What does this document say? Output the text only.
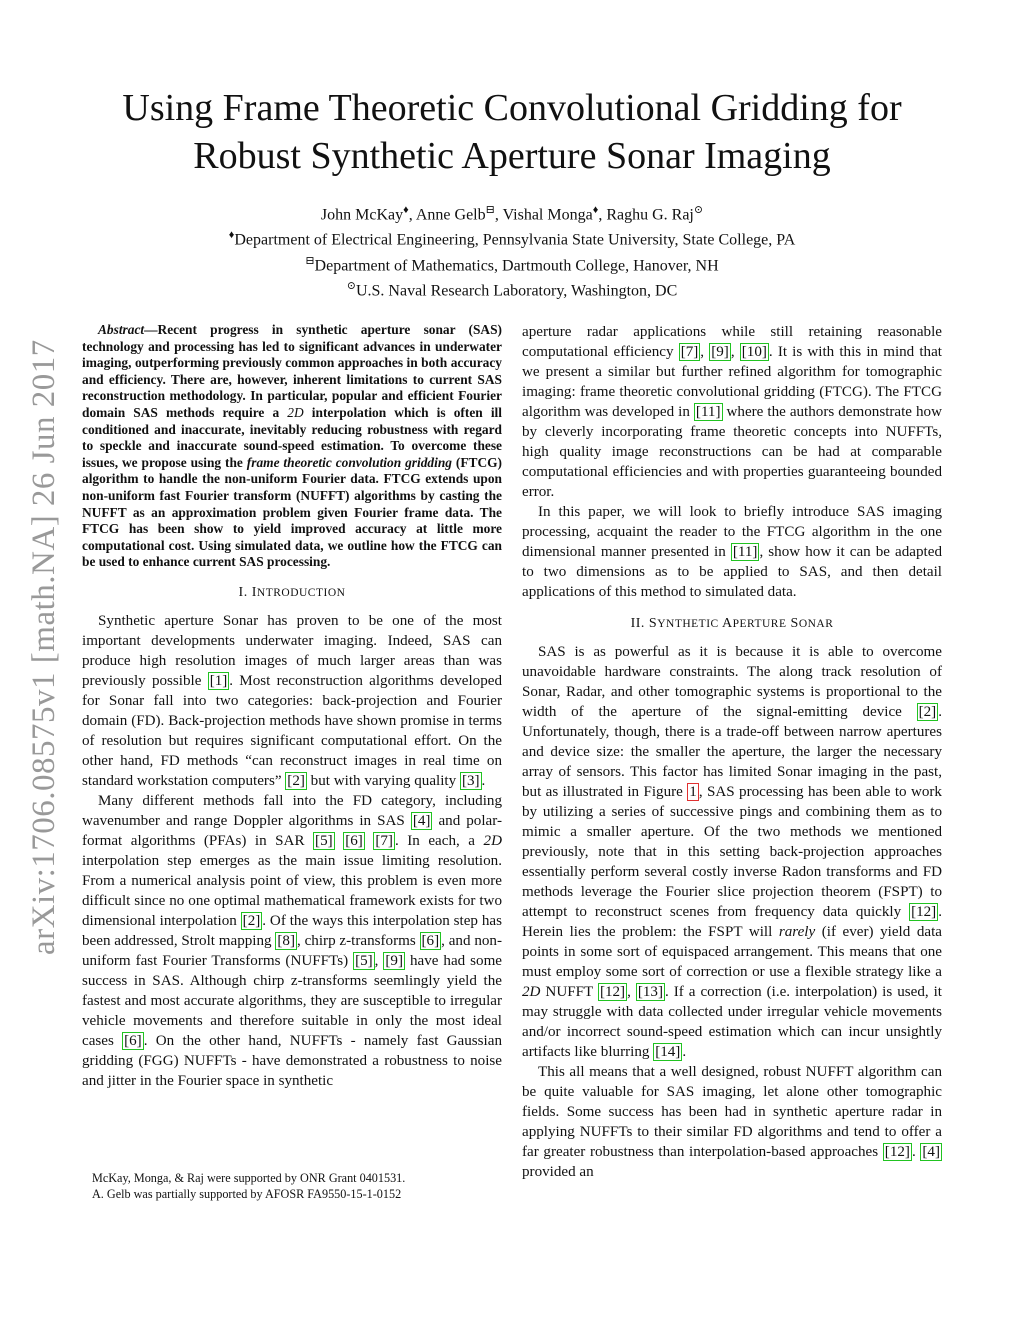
arXiv:1706.08575v1 [math.NA] 26 Jun 2017
Using Frame Theoretic Convolutional Gridding for
Robust Synthetic Aperture Sonar Imaging
John McKay♦, Anne Gelb⊟, Vishal Monga♦, Raghu G. Raj⊙
♦Department of Electrical Engineering, Pennsylvania State University, State College, PA
⊟Department of Mathematics, Dartmouth College, Hanover, NH
⊙U.S. Naval Research Laboratory, Washington, DC

Abstract—Recent progress in synthetic aperture sonar (SAS) technology and processing has led to significant advances in underwater imaging, outperforming previously common approaches in both accuracy and efficiency. There are, however, inherent limitations to current SAS reconstruction methodology. In particular, popular and efficient Fourier domain SAS methods require a 2D interpolation which is often ill conditioned and inaccurate, inevitably reducing robustness with regard to speckle and inaccurate sound-speed estimation. To overcome these issues, we propose using the frame theoretic convolution gridding (FTCG) algorithm to handle the non-uniform Fourier data. FTCG extends upon non-uniform fast Fourier transform (NUFFT) algorithms by casting the NUFFT as an approximation problem given Fourier frame data. The FTCG has been show to yield improved accuracy at little more computational cost. Using simulated data, we outline how the FTCG can be used to enhance current SAS processing.

I. INTRODUCTION

Synthetic aperture Sonar has proven to be one of the most important developments underwater imaging. Indeed, SAS can produce high resolution images of much larger areas than was previously possible [1] . Most reconstruction algorithms developed for Sonar fall into two categories: back-projection and Fourier domain (FD). Back-projection methods have shown promise in terms of resolution but requires significant computational effort. On the other hand, FD methods “can reconstruct images in real time on standard workstation computers” [2] but with varying quality [3] .

Many different methods fall into the FD category, including wavenumber and range Doppler algorithms in SAS [4] and polar-format algorithms (PFAs) in SAR [5] [6] [7] . In each, a 2D interpolation step emerges as the main issue limiting resolution. From a numerical analysis point of view, this problem is even more difficult since no one optimal mathematical framework exists for two dimensional interpolation [2] . Of the ways this interpolation step has been addressed, Strolt mapping [8] , chirp z-transforms [6] , and non-uniform fast Fourier Transforms (NUFFTs) [5] , [9] have had some success in SAS. Although chirp z-transforms seemlingly yield the fastest and most accurate algorithms, they are susceptible to irregular vehicle movements and therefore suitable in only the most ideal cases [6] . On the other hand, NUFFTs - namely fast Gaussian gridding (FGG) NUFFTs - have demonstrated a robustness to noise and jitter in the Fourier space in synthetic

McKay, Monga, & Raj were supported by ONR Grant 0401531.
A. Gelb was partially supported by AFOSR FA9550-15-1-0152

aperture radar applications while still retaining reasonable computational efficiency [7] , [9] , [10] . It is with this in mind that we present a similar but further refined algorithm for tomographic imaging: frame theoretic convolutional gridding (FTCG). The FTCG algorithm was developed in [11] where the authors demonstrate how by cleverly incorporating frame theoretic concepts into NUFFTs, high quality image reconstructions can be had at comparable computational efficiencies and with properties guaranteeing bounded error.

In this paper, we will look to briefly introduce SAS imaging processing, acquaint the reader to the FTCG algorithm in the one dimensional manner presented in [11] , show how it can be adapted to two dimensions as to be applied to SAS, and then detail applications of this method to simulated data.

II. SYNTHETIC APERTURE SONAR

SAS is as powerful as it is because it is able to overcome unavoidable hardware constraints. The along track resolution of Sonar, Radar, and other tomographic systems is proportional to the width of the aperture of the signal-emitting device [2] . Unfortunately, though, there is a trade-off between narrow apertures and device size: the smaller the aperture, the larger the necessary array of sensors. This factor has limited Sonar imaging in the past, but as illustrated in Figure 1 , SAS processing has been able to work by utilizing a series of successive pings and combining them as to mimic a smaller aperture. Of the two methods we mentioned previously, note that in this setting back-projection approaches essentially perform several costly inverse Radon transforms and FD methods leverage the Fourier slice projection theorem (FSPT) to attempt to reconstruct scenes from frequency data quickly [12] . Herein lies the problem: the FSPT will rarely (if ever) yield data points in some sort of equispaced arrangement. This means that one must employ some sort of correction or use a flexible strategy like a 2D NUFFT [12] , [13] . If a correction (i.e. interpolation) is used, it may struggle with data collected under irregular vehicle movements and/or incorrect sound-speed estimation which can incur unsightly artifacts like blurring [14] .

This all means that a well designed, robust NUFFT algorithm can be quite valuable for SAS imaging, let alone other tomographic fields. Some success has been had in synthetic aperture radar in applying NUFFTs to their similar FD algorithms and tend to offer a far greater robustness than interpolation-based approaches [12] . [4] provided an
